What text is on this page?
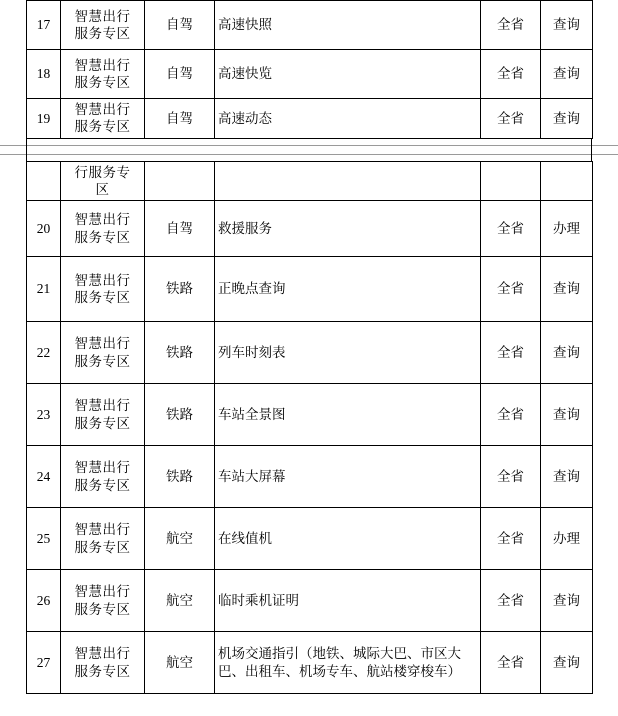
17	智慧出行服务专区	自驾	高速快照	全省	查询
18	智慧出行服务专区	自驾	高速快览	全省	查询
19	智慧出行服务专区	自驾	高速动态	全省	查询

	行服务专区				

20	智慧出行服务专区	自驾	救援服务	全省	办理
21	智慧出行服务专区	铁路	正晚点查询	全省	查询
22	智慧出行服务专区	铁路	列车时刻表	全省	查询
23	智慧出行服务专区	铁路	车站全景图	全省	查询
24	智慧出行服务专区	铁路	车站大屏幕	全省	查询
25	智慧出行服务专区	航空	在线值机	全省	办理
26	智慧出行服务专区	航空	临时乘机证明	全省	查询
27	智慧出行服务专区	航空	机场交通指引（地铁、城际大巴、市区大巴、出租车、机场专车、航站楼穿梭车）	全省	查询
